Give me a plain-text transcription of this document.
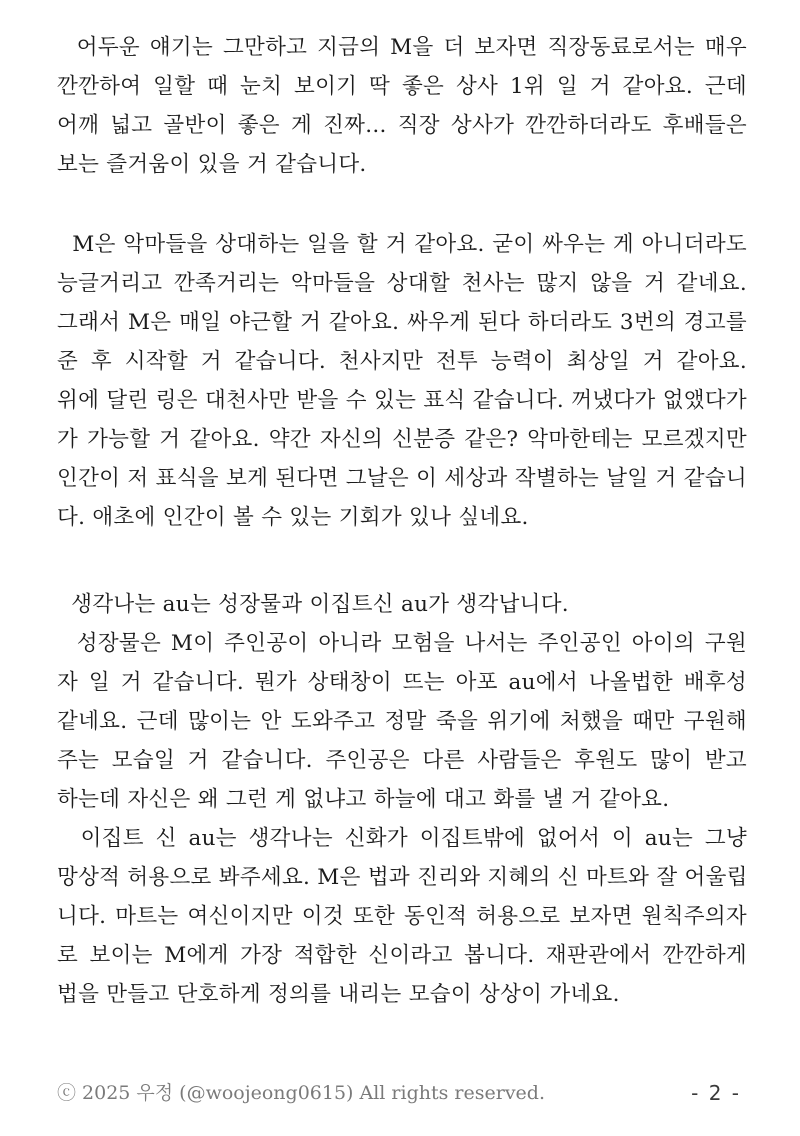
어두운 얘기는 그만하고 지금의 M을 더 보자면 직장동료로서는 매우
깐깐하여 일할 때 눈치 보이기 딱 좋은 상사 1위 일 거 같아요. 근데
어깨 넓고 골반이 좋은 게 진짜... 직장 상사가 깐깐하더라도 후배들은
보는 즐거움이 있을 거 같습니다.
M은 악마들을 상대하는 일을 할 거 같아요. 굳이 싸우는 게 아니더라도
능글거리고 깐족거리는 악마들을 상대할 천사는 많지 않을 거 같네요.
그래서 M은 매일 야근할 거 같아요. 싸우게 된다 하더라도 3번의 경고를
준 후 시작할 거 같습니다. 천사지만 전투 능력이 최상일 거 같아요.
위에 달린 링은 대천사만 받을 수 있는 표식 같습니다. 꺼냈다가 없앴다가
가 가능할 거 같아요. 약간 자신의 신분증 같은? 악마한테는 모르겠지만
인간이 저 표식을 보게 된다면 그날은 이 세상과 작별하는 날일 거 같습니
다. 애초에 인간이 볼 수 있는 기회가 있나 싶네요.
생각나는 au는 성장물과 이집트신 au가 생각납니다.
성장물은 M이 주인공이 아니라 모험을 나서는 주인공인 아이의 구원
자 일 거 같습니다. 뭔가 상태창이 뜨는 아포 au에서 나올법한 배후성
같네요. 근데 많이는 안 도와주고 정말 죽을 위기에 처했을 때만 구원해
주는 모습일 거 같습니다. 주인공은 다른 사람들은 후원도 많이 받고
하는데 자신은 왜 그런 게 없냐고 하늘에 대고 화를 낼 거 같아요.
이집트 신 au는 생각나는 신화가 이집트밖에 없어서 이 au는 그냥
망상적 허용으로 봐주세요. M은 법과 진리와 지혜의 신 마트와 잘 어울립
니다. 마트는 여신이지만 이것 또한 동인적 허용으로 보자면 원칙주의자
로 보이는 M에게 가장 적합한 신이라고 봅니다. 재판관에서 깐깐하게
법을 만들고 단호하게 정의를 내리는 모습이 상상이 가네요.
ⓒ 2025 우정 (@woojeong0615) All rights reserved.	- 2 -
